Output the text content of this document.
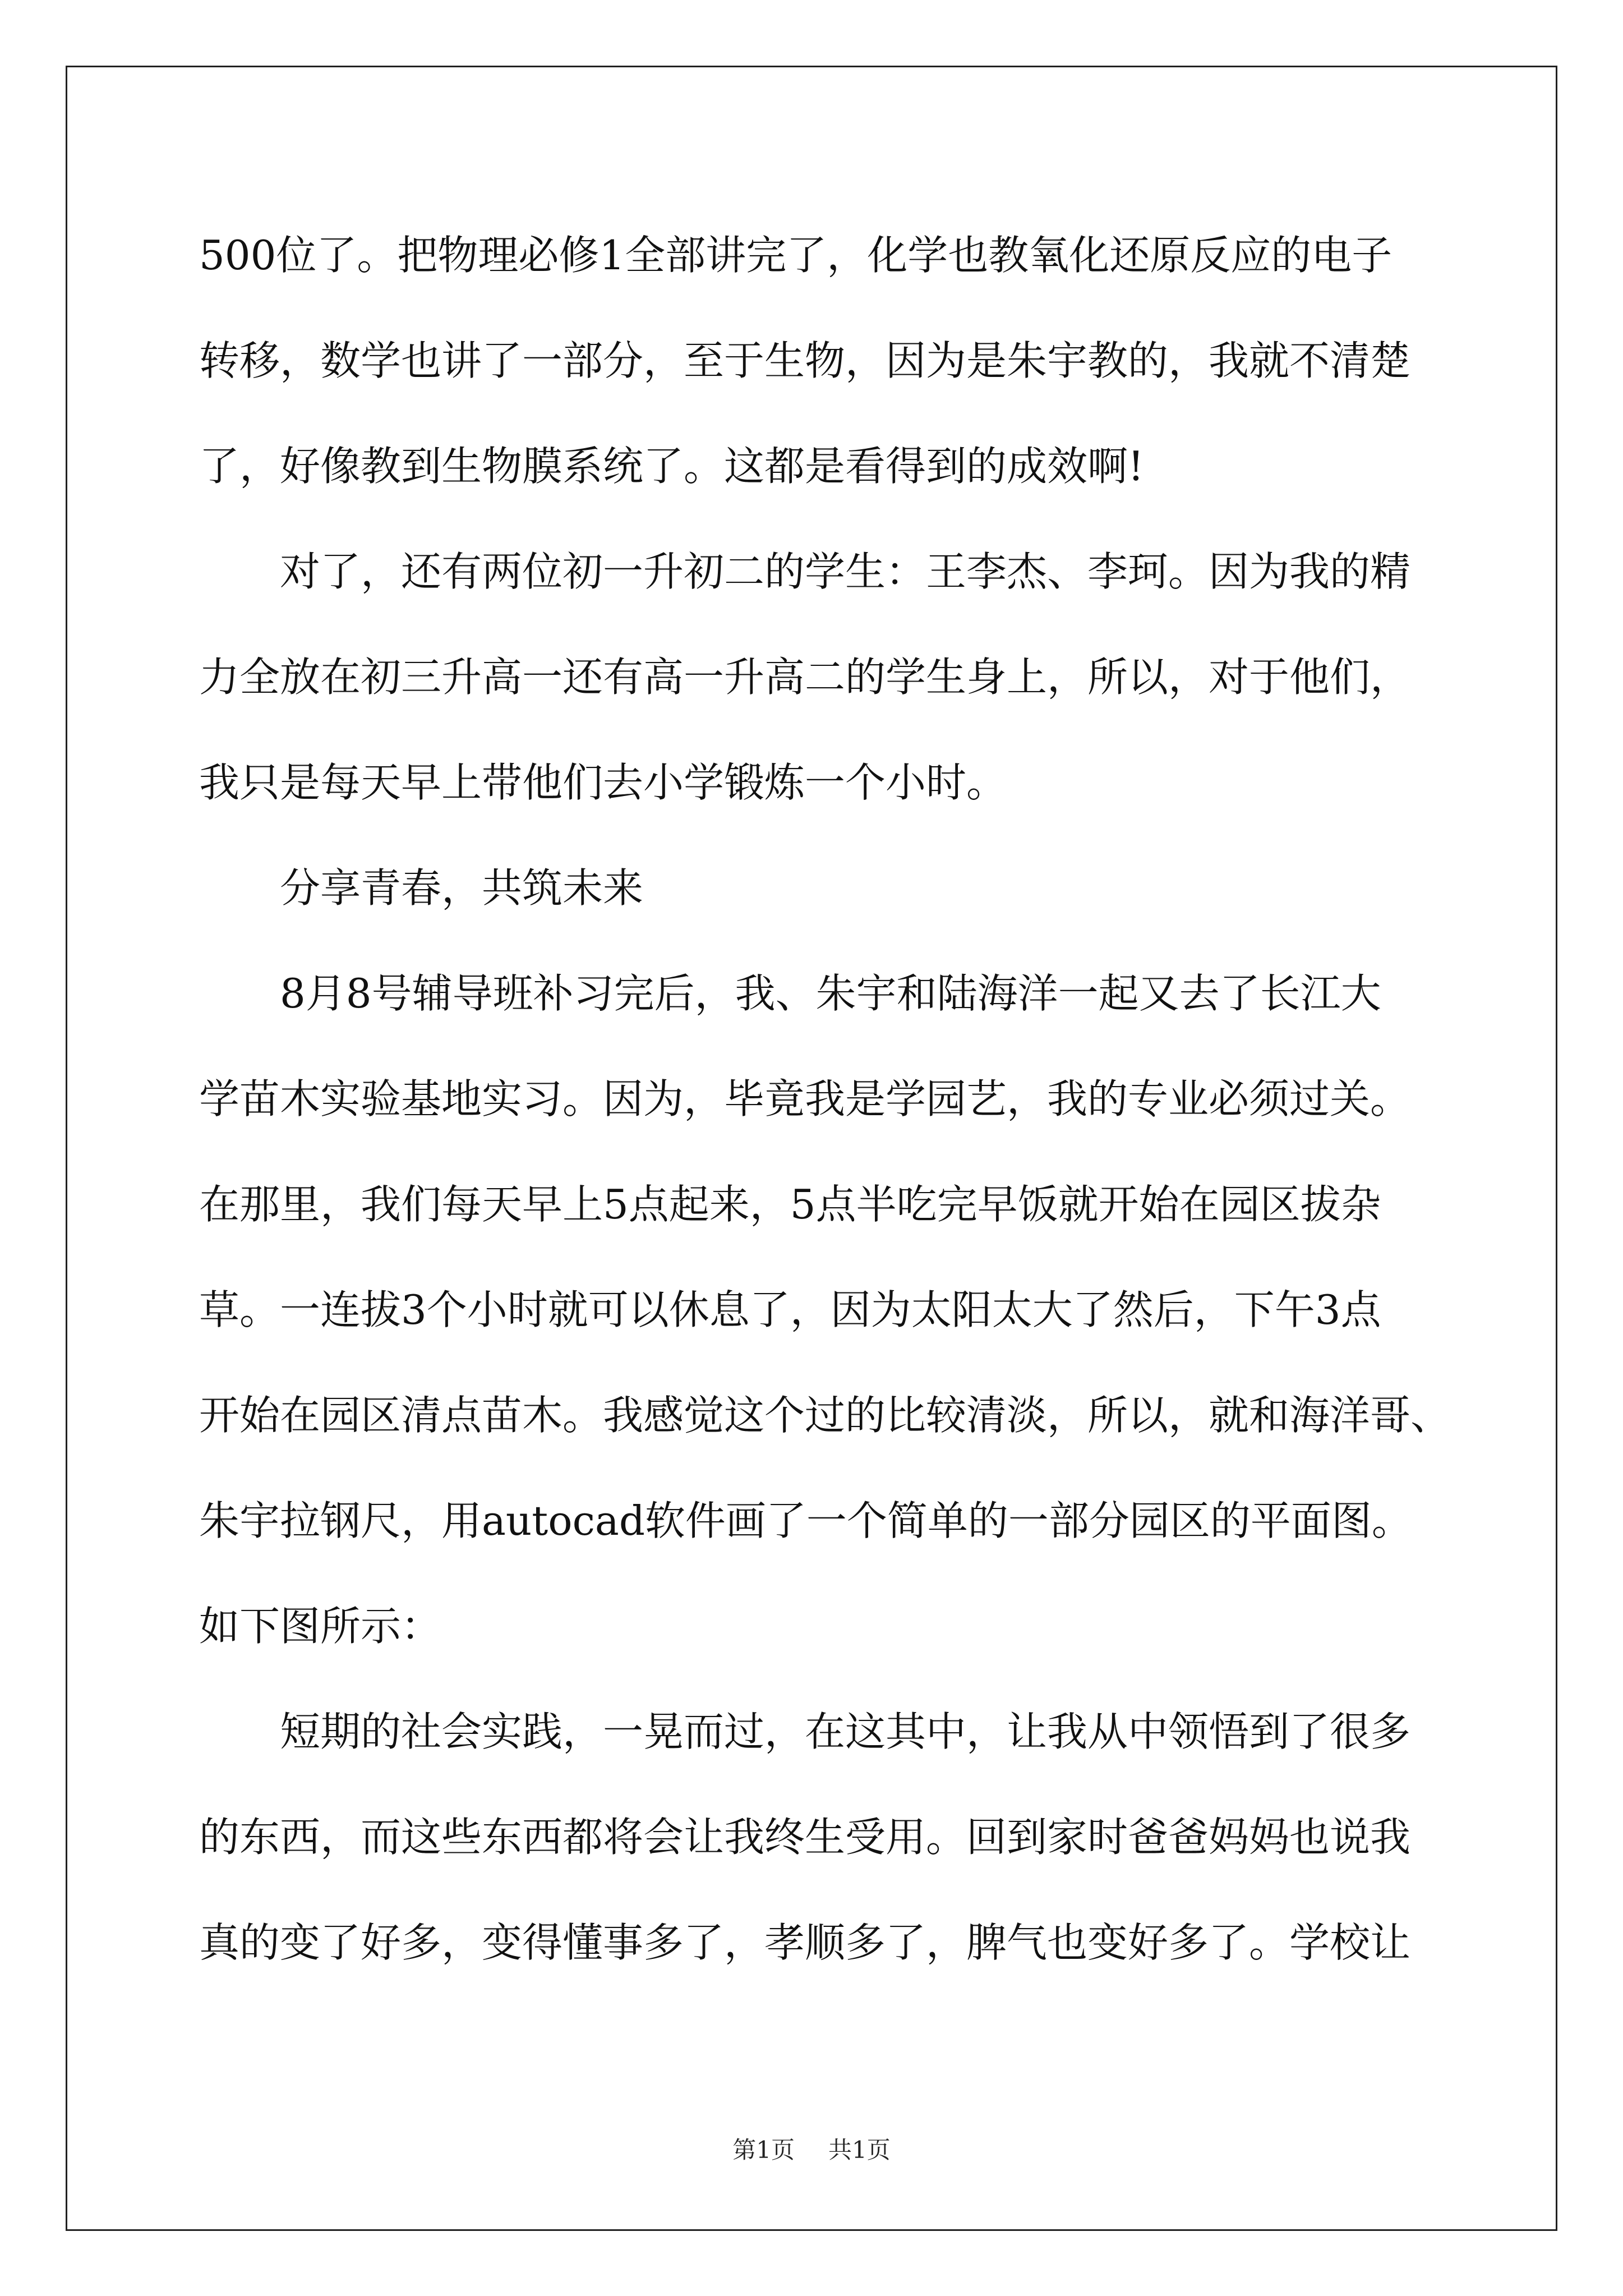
500位了。把物理必修1全部讲完了，化学也教氧化还原反应的电子
转移，数学也讲了一部分，至于生物，因为是朱宇教的，我就不清楚
了，好像教到生物膜系统了。这都是看得到的成效啊!
对了，还有两位初一升初二的学生：王李杰、李珂。因为我的精
力全放在初三升高一还有高一升高二的学生身上，所以，对于他们，
我只是每天早上带他们去小学锻炼一个小时。
分享青春，共筑未来
8月8号辅导班补习完后，我、朱宇和陆海洋一起又去了长江大
学苗木实验基地实习。因为，毕竟我是学园艺，我的专业必须过关。
在那里，我们每天早上5点起来，5点半吃完早饭就开始在园区拔杂
草。一连拔3个小时就可以休息了，因为太阳太大了然后，下午3点
开始在园区清点苗木。我感觉这个过的比较清淡，所以，就和海洋哥、
朱宇拉钢尺，用autocad软件画了一个简单的一部分园区的平面图。
如下图所示：
短期的社会实践，一晃而过，在这其中，让我从中领悟到了很多
的东西，而这些东西都将会让我终生受用。回到家时爸爸妈妈也说我
真的变了好多，变得懂事多了，孝顺多了，脾气也变好多了。学校让
第1页 共1页
